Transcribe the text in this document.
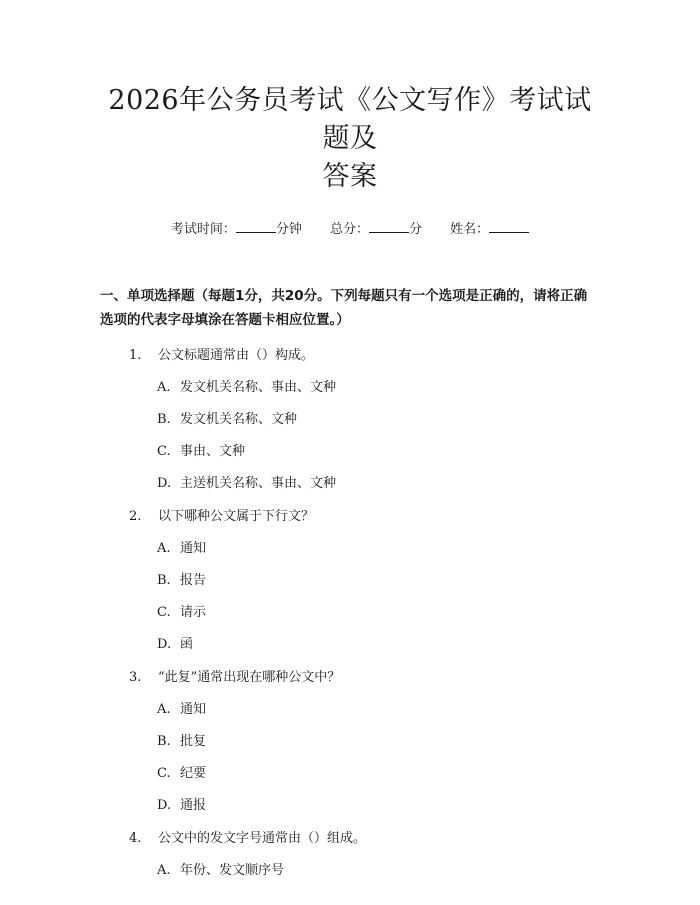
2026年公务员考试《公文写作》考试试题及
答案
考试时间：	分钟 总分：	分 姓名：
一、单项选择题（每题1分，共20分。下列每题只有一个选项是正确的，请将正确选项的代表字母填涂在答题卡相应位置。）
1. 公文标题通常由（）构成。
A. 发文机关名称、事由、文种
B. 发文机关名称、文种
C. 事由、文种
D. 主送机关名称、事由、文种
2. 以下哪种公文属于下行文？
A. 通知
B. 报告
C. 请示
D. 函
3. “此复”通常出现在哪种公文中？
A. 通知
B. 批复
C. 纪要
D. 通报
4. 公文中的发文字号通常由（）组成。
A. 年份、发文顺序号
